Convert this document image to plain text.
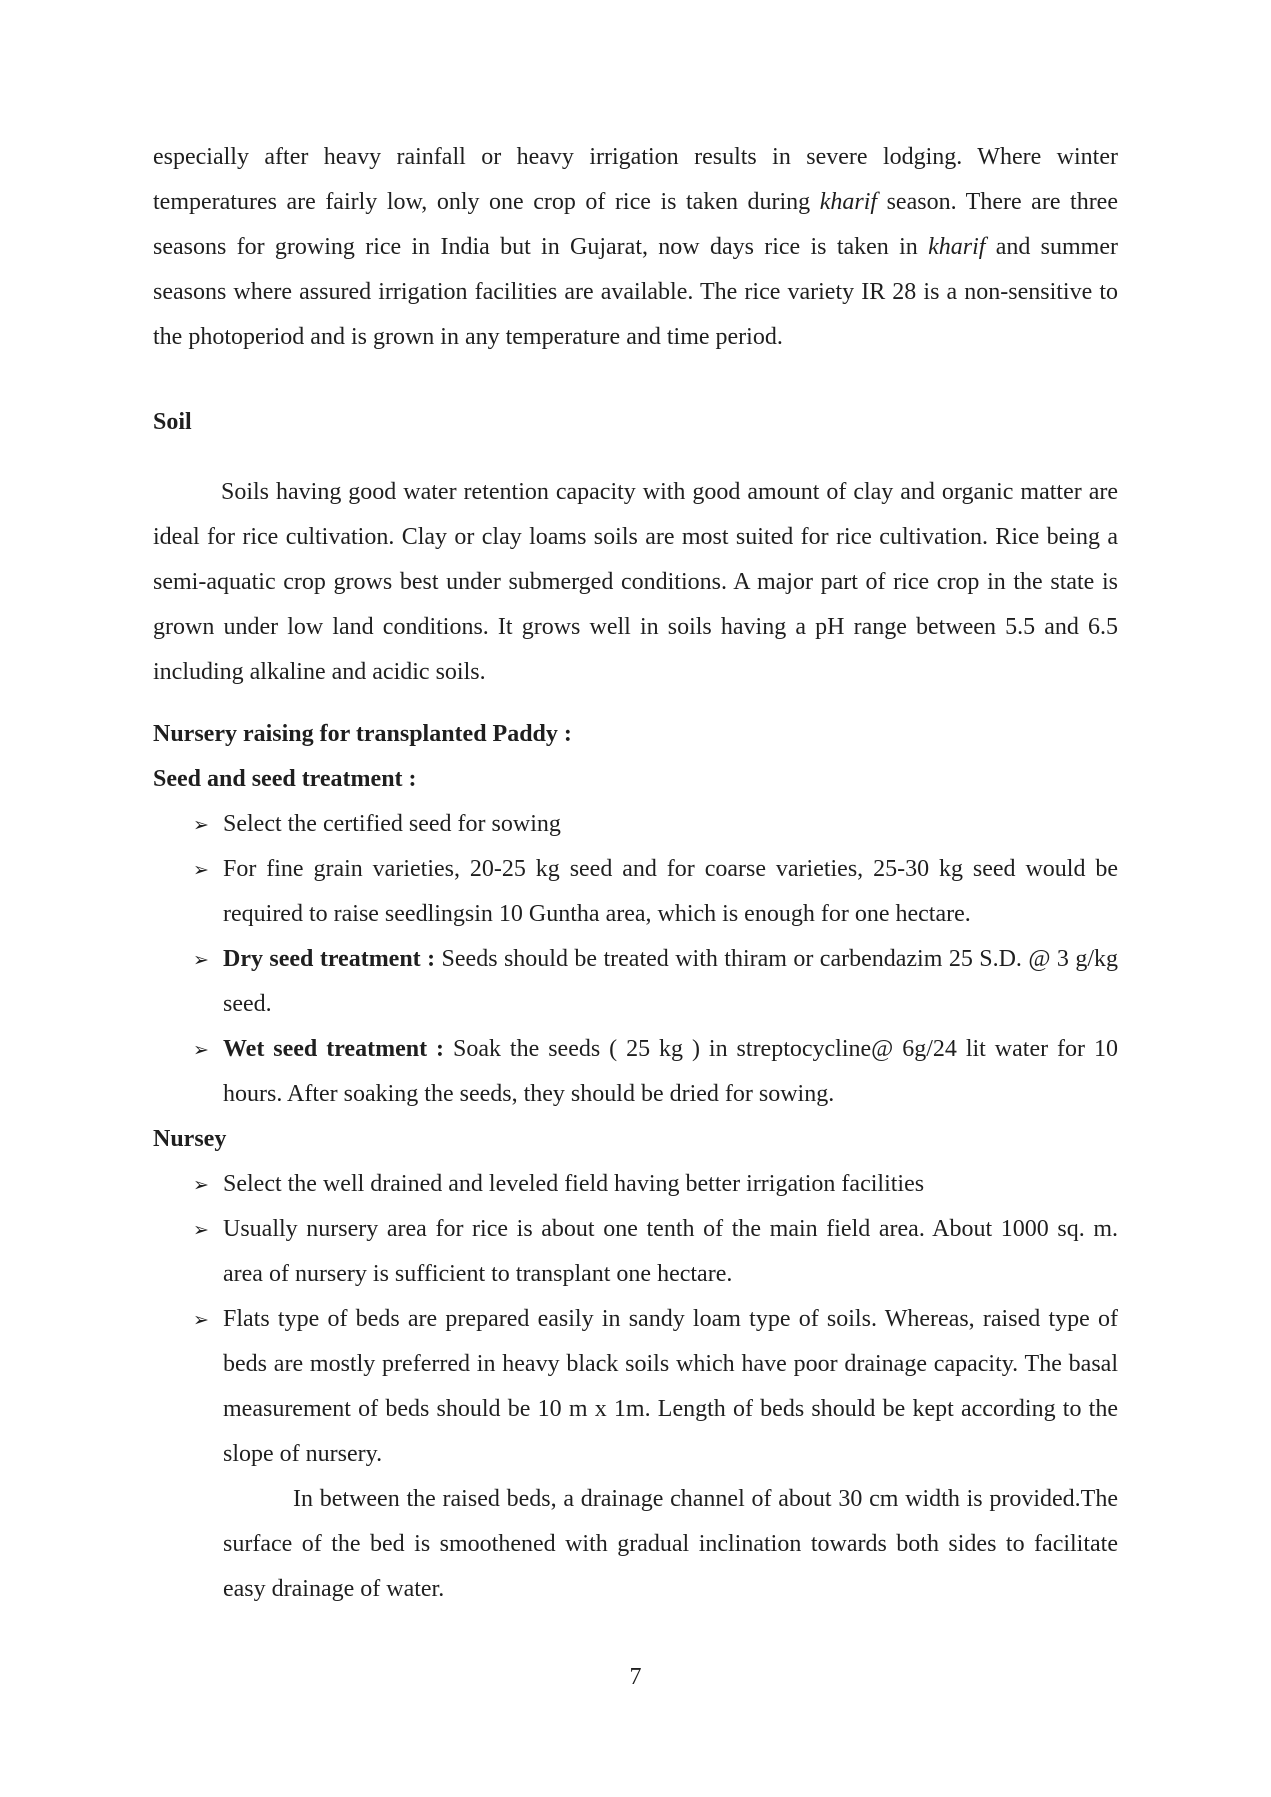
especially after heavy rainfall or heavy irrigation results in severe lodging. Where winter temperatures are fairly low, only one crop of rice is taken during kharif season. There are three seasons for growing rice in India but in Gujarat, now days rice is taken in kharif and summer seasons where assured irrigation facilities are available. The rice variety IR 28 is a non-sensitive to the photoperiod and is grown in any temperature and time period.

Soil

Soils having good water retention capacity with good amount of clay and organic matter are ideal for rice cultivation. Clay or clay loams soils are most suited for rice cultivation. Rice being a semi-aquatic crop grows best under submerged conditions. A major part of rice crop in the state is grown under low land conditions. It grows well in soils having a pH range between 5.5 and 6.5 including alkaline and acidic soils.

Nursery raising for transplanted Paddy :
Seed and seed treatment :
➢ Select the certified seed for sowing
➢ For fine grain varieties, 20-25 kg seed and for coarse varieties, 25-30 kg seed would be required to raise seedlingsin 10 Guntha area, which is enough for one hectare.
➢ Dry seed treatment : Seeds should be treated with thiram or carbendazim 25 S.D. @ 3 g/kg seed.
➢ Wet seed treatment : Soak the seeds ( 25 kg ) in streptocycline@ 6g/24 lit water for 10 hours. After soaking the seeds, they should be dried for sowing.
Nursey
➢ Select the well drained and leveled field having better irrigation facilities
➢ Usually nursery area for rice is about one tenth of the main field area. About 1000 sq. m. area of nursery is sufficient to transplant one hectare.
➢ Flats type of beds are prepared easily in sandy loam type of soils. Whereas, raised type of beds are mostly preferred in heavy black soils which have poor drainage capacity. The basal measurement of beds should be 10 m x 1m. Length of beds should be kept according to the slope of nursery.

In between the raised beds, a drainage channel of about 30 cm width is provided.The surface of the bed is smoothened with gradual inclination towards both sides to facilitate easy drainage of water.

7
